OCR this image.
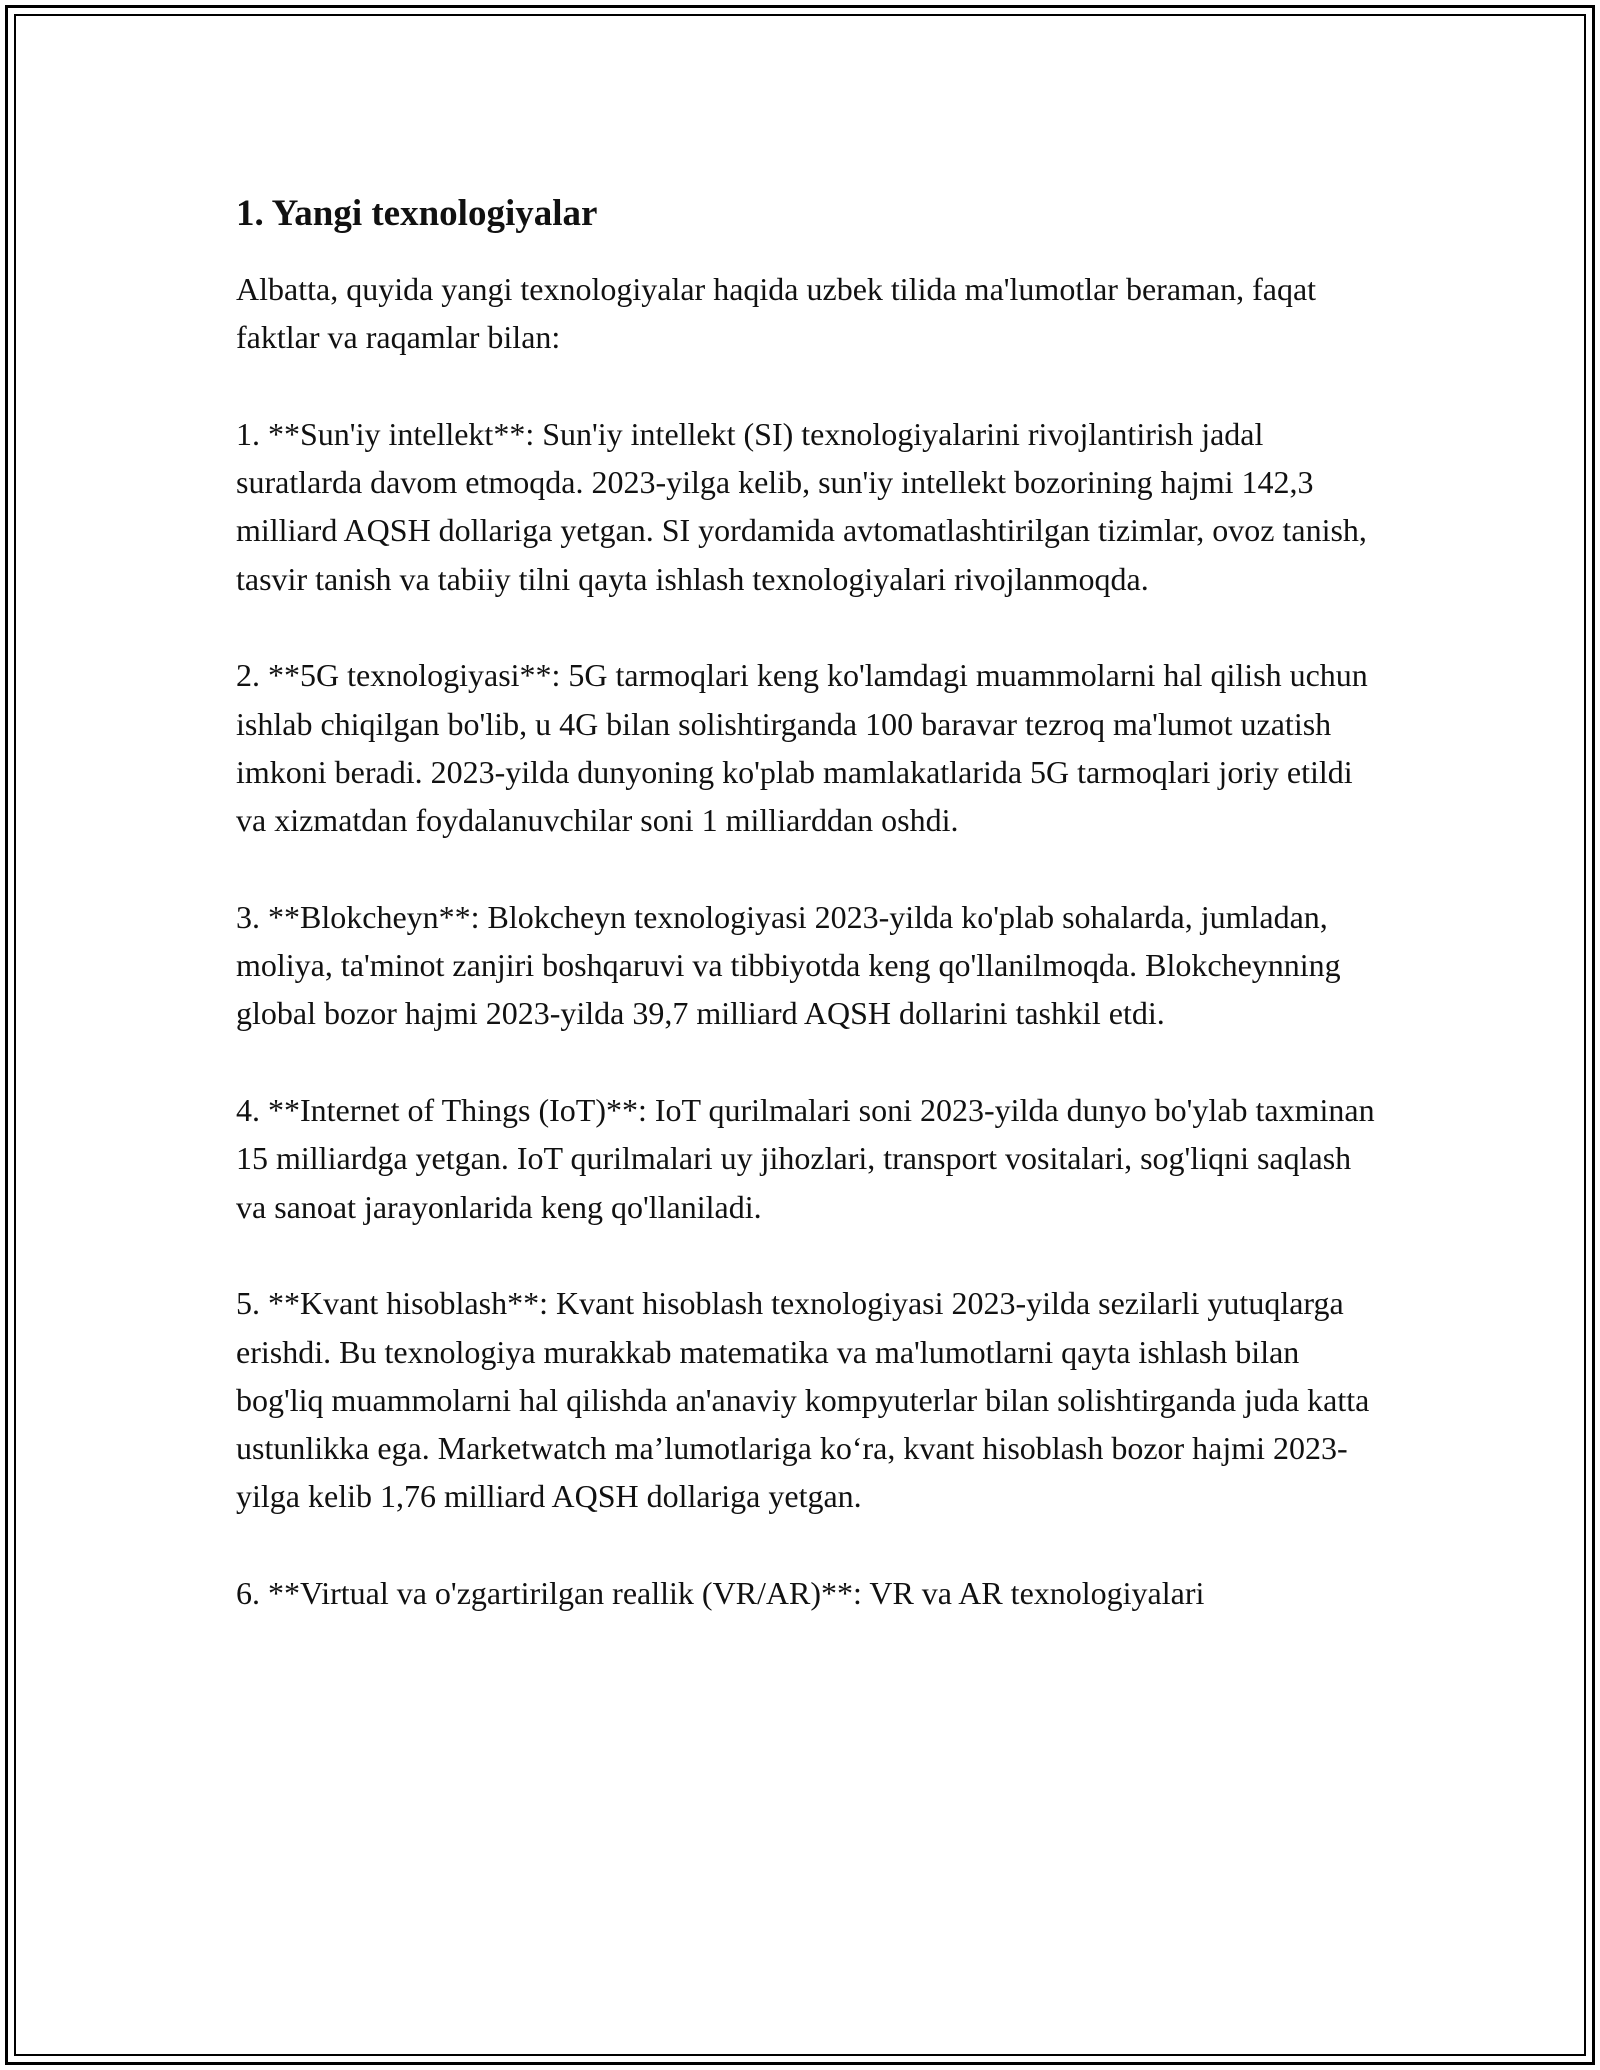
1. Yangi texnologiyalar

Albatta, quyida yangi texnologiyalar haqida uzbek tilida ma'lumotlar beraman, faqat faktlar va raqamlar bilan:

1. **Sun'iy intellekt**: Sun'iy intellekt (SI) texnologiyalarini rivojlantirish jadal suratlarda davom etmoqda. 2023-yilga kelib, sun'iy intellekt bozorining hajmi 142,3 milliard AQSH dollariga yetgan. SI yordamida avtomatlashtirilgan tizimlar, ovoz tanish, tasvir tanish va tabiiy tilni qayta ishlash texnologiyalari rivojlanmoqda.

2. **5G texnologiyasi**: 5G tarmoqlari keng ko'lamdagi muammolarni hal qilish uchun ishlab chiqilgan bo'lib, u 4G bilan solishtirganda 100 baravar tezroq ma'lumot uzatish imkoni beradi. 2023-yilda dunyoning ko'plab mamlakatlarida 5G tarmoqlari joriy etildi va xizmatdan foydalanuvchilar soni 1 milliarddan oshdi.

3. **Blokcheyn**: Blokcheyn texnologiyasi 2023-yilda ko'plab sohalarda, jumladan, moliya, ta'minot zanjiri boshqaruvi va tibbiyotda keng qo'llanilmoqda. Blokcheynning global bozor hajmi 2023-yilda 39,7 milliard AQSH dollarini tashkil etdi.

4. **Internet of Things (IoT)**: IoT qurilmalari soni 2023-yilda dunyo bo'ylab taxminan 15 milliardga yetgan. IoT qurilmalari uy jihozlari, transport vositalari, sog'liqni saqlash va sanoat jarayonlarida keng qo'llaniladi.

5. **Kvant hisoblash**: Kvant hisoblash texnologiyasi 2023-yilda sezilarli yutuqlarga erishdi. Bu texnologiya murakkab matematika va ma'lumotlarni qayta ishlash bilan bog'liq muammolarni hal qilishda an'anaviy kompyuterlar bilan solishtirganda juda katta ustunlikka ega. Marketwatch ma’lumotlariga ko‘ra, kvant hisoblash bozor hajmi 2023-yilga kelib 1,76 milliard AQSH dollariga yetgan.

6. **Virtual va o'zgartirilgan reallik (VR/AR)**: VR va AR texnologiyalari
